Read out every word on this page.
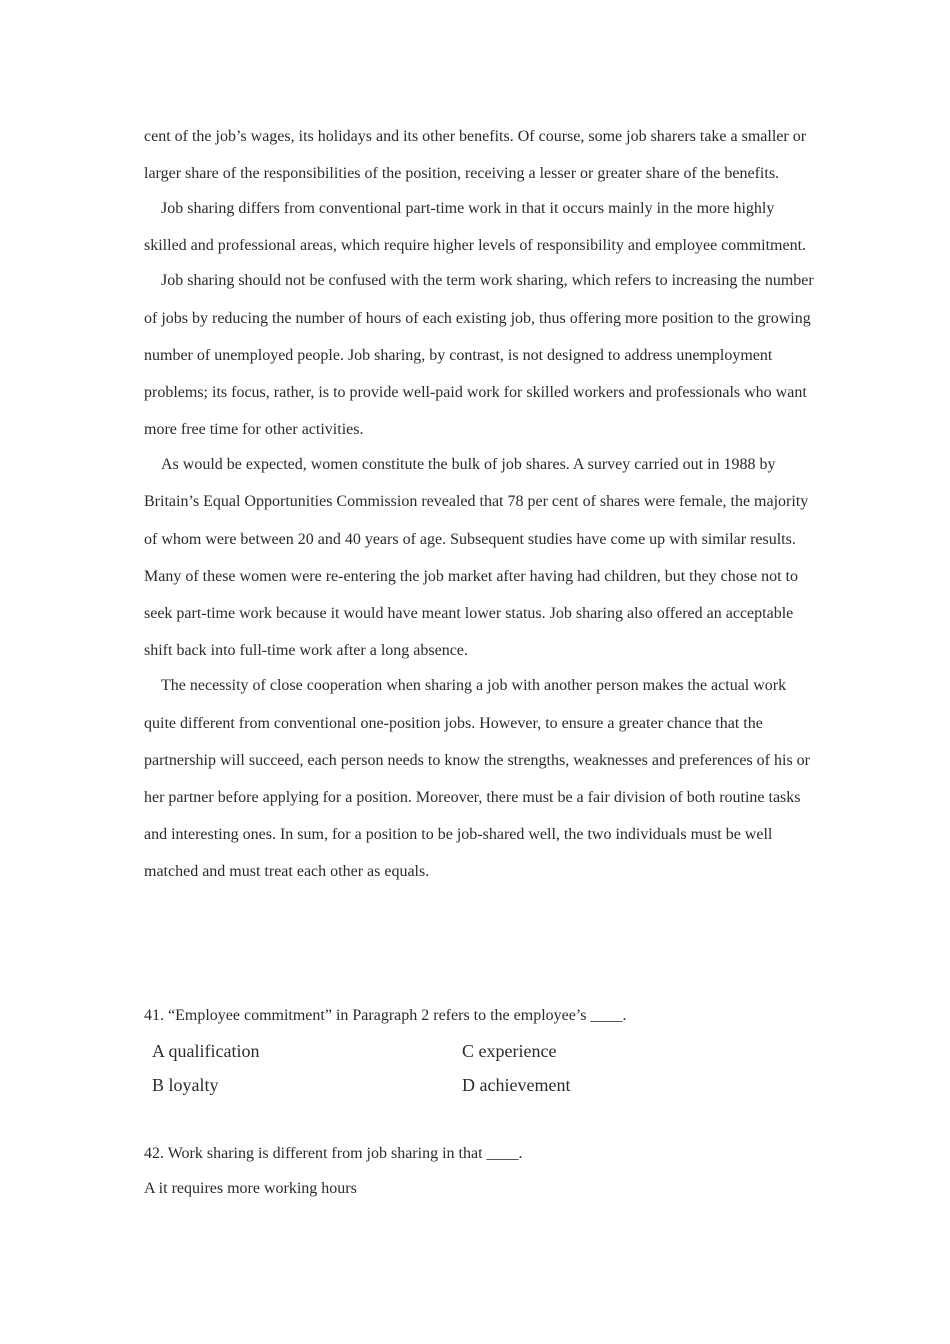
cent of the job’s wages, its holidays and its other benefits. Of course, some job sharers take a smaller or larger share of the responsibilities of the position, receiving a lesser or greater share of the benefits.

Job sharing differs from conventional part-time work in that it occurs mainly in the more highly skilled and professional areas, which require higher levels of responsibility and employee commitment.

Job sharing should not be confused with the term work sharing, which refers to increasing the number of jobs by reducing the number of hours of each existing job, thus offering more position to the growing number of unemployed people. Job sharing, by contrast, is not designed to address unemployment problems; its focus, rather, is to provide well-paid work for skilled workers and professionals who want more free time for other activities.

As would be expected, women constitute the bulk of job shares. A survey carried out in 1988 by Britain’s Equal Opportunities Commission revealed that 78 per cent of shares were female, the majority of whom were between 20 and 40 years of age. Subsequent studies have come up with similar results. Many of these women were re-entering the job market after having had children, but they chose not to seek part-time work because it would have meant lower status. Job sharing also offered an acceptable shift back into full-time work after a long absence.

The necessity of close cooperation when sharing a job with another person makes the actual work quite different from conventional one-position jobs. However, to ensure a greater chance that the partnership will succeed, each person needs to know the strengths, weaknesses and preferences of his or her partner before applying for a position. Moreover, there must be a fair division of both routine tasks and interesting ones. In sum, for a position to be job-shared well, the two individuals must be well matched and must treat each other as equals.

41. “Employee commitment” in Paragraph 2 refers to the employee’s ____.

A qualification	C experience
B loyalty	D achievement

42. Work sharing is different from job sharing in that ____.

A it requires more working hours
